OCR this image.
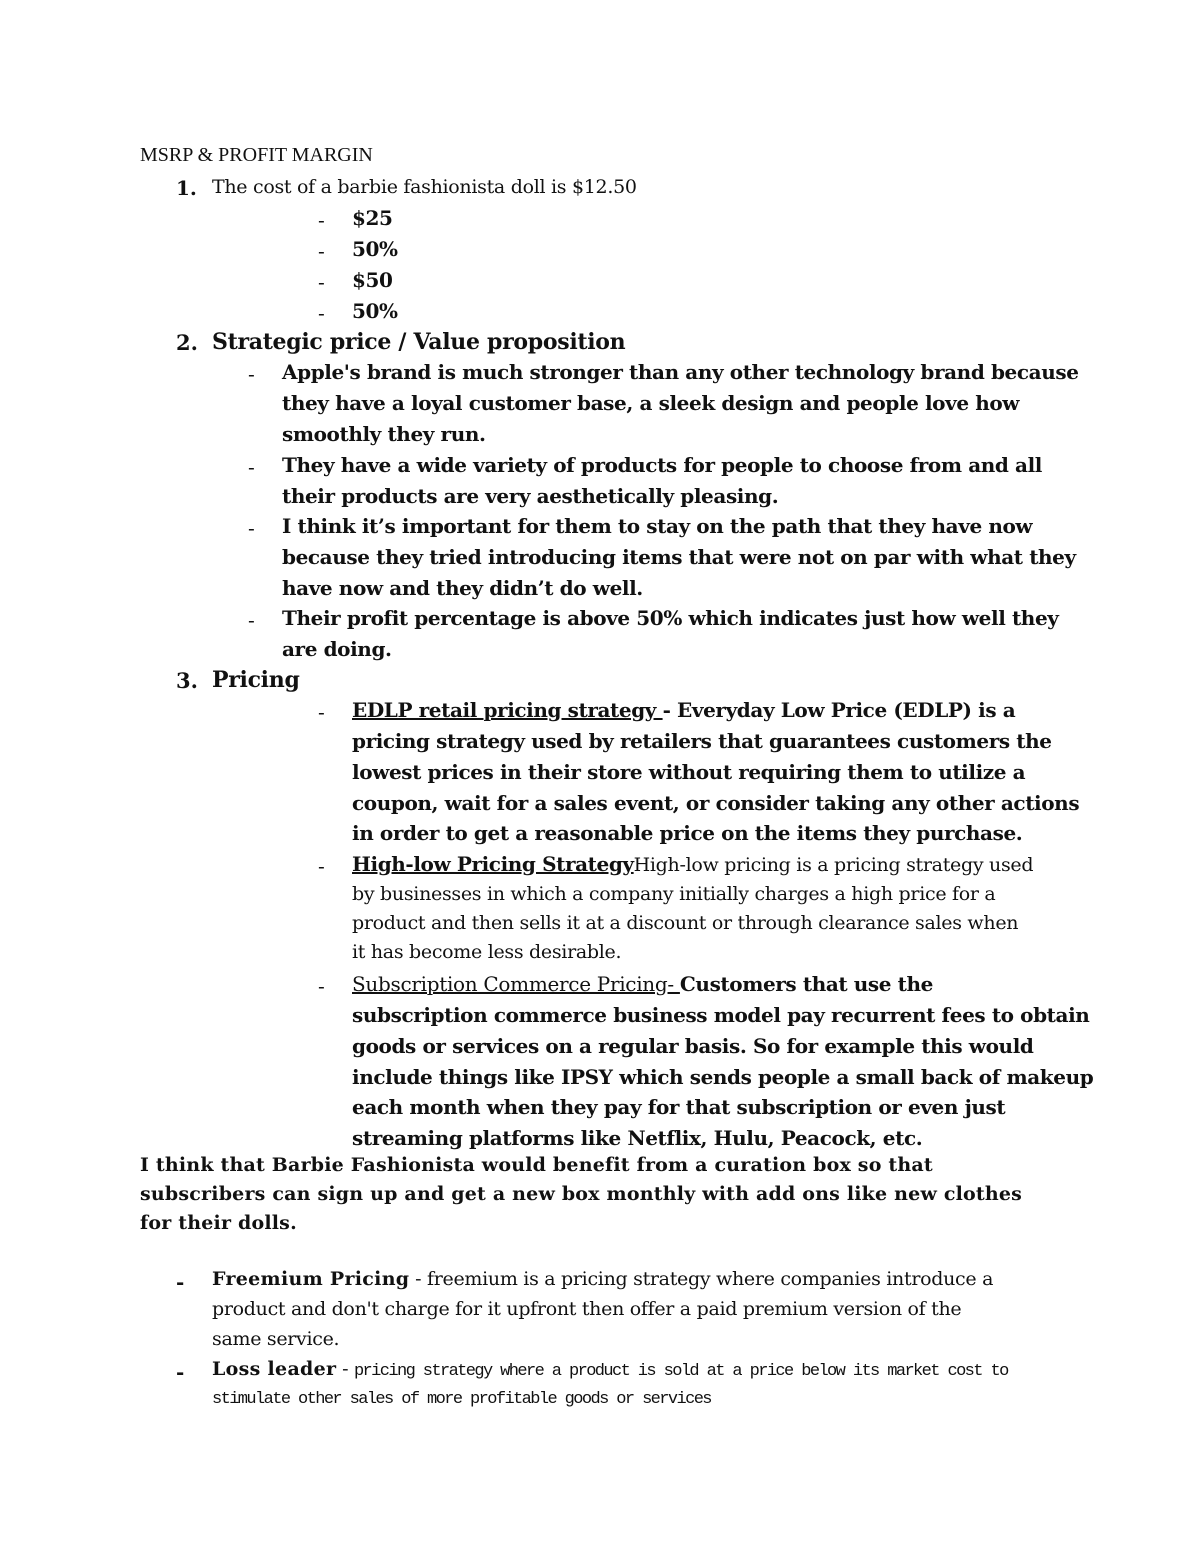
MSRP & PROFIT MARGIN
1. The cost of a barbie fashionista doll is $12.50
- $25
- 50%
- $50
- 50%
2. Strategic price / Value proposition
- Apple's brand is much stronger than any other technology brand because
they have a loyal customer base, a sleek design and people love how
smoothly they run.
- They have a wide variety of products for people to choose from and all
their products are very aesthetically pleasing.
- I think it’s important for them to stay on the path that they have now
because they tried introducing items that were not on par with what they
have now and they didn’t do well.
- Their profit percentage is above 50% which indicates just how well they
are doing.
3. Pricing
- EDLP retail pricing strategy - Everyday Low Price (EDLP) is a
pricing strategy used by retailers that guarantees customers the
lowest prices in their store without requiring them to utilize a
coupon, wait for a sales event, or consider taking any other actions
in order to get a reasonable price on the items they purchase.
- High-low Pricing StrategyHigh-low pricing is a pricing strategy used
by businesses in which a company initially charges a high price for a
product and then sells it at a discount or through clearance sales when
it has become less desirable.
- Subscription Commerce Pricing- Customers that use the
subscription commerce business model pay recurrent fees to obtain
goods or services on a regular basis. So for example this would
include things like IPSY which sends people a small back of makeup
each month when they pay for that subscription or even just
streaming platforms like Netflix, Hulu, Peacock, etc.
I think that Barbie Fashionista would benefit from a curation box so that
subscribers can sign up and get a new box monthly with add ons like new clothes
for their dolls.
- Freemium Pricing - freemium is a pricing strategy where companies introduce a
product and don't charge for it upfront then offer a paid premium version of the
same service.
- Loss leader - pricing strategy where a product is sold at a price below its market cost to
stimulate other sales of more profitable goods or services
